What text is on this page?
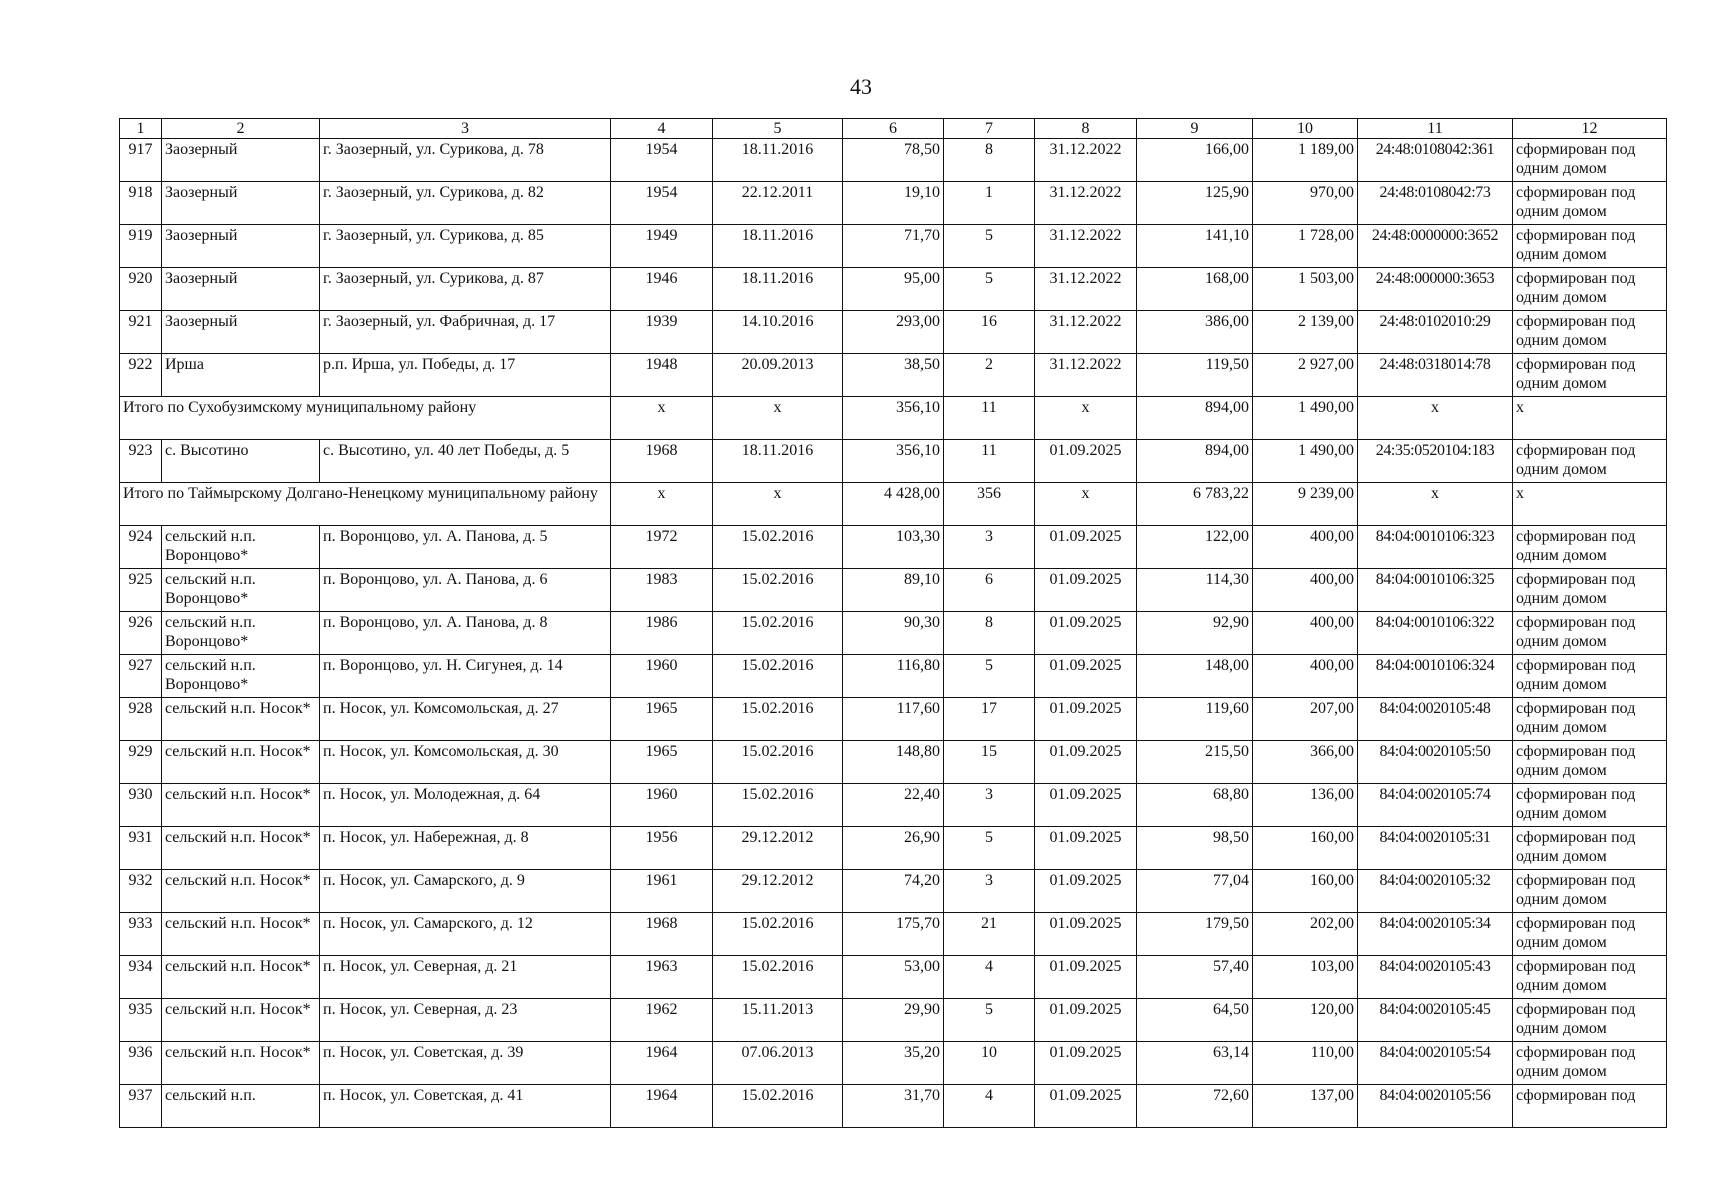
43
1	2	3	4	5	6	7	8	9	10	11	12
917	Заозерный	г. Заозерный, ул. Сурикова, д. 78	1954	18.11.2016	78,50	8	31.12.2022	166,00	1 189,00	24:48:0108042:361	сформирован под одним домом
918	Заозерный	г. Заозерный, ул. Сурикова, д. 82	1954	22.12.2011	19,10	1	31.12.2022	125,90	970,00	24:48:0108042:73	сформирован под одним домом
919	Заозерный	г. Заозерный, ул. Сурикова, д. 85	1949	18.11.2016	71,70	5	31.12.2022	141,10	1 728,00	24:48:0000000:3652	сформирован под одним домом
920	Заозерный	г. Заозерный, ул. Сурикова, д. 87	1946	18.11.2016	95,00	5	31.12.2022	168,00	1 503,00	24:48:000000:3653	сформирован под одним домом
921	Заозерный	г. Заозерный, ул. Фабричная, д. 17	1939	14.10.2016	293,00	16	31.12.2022	386,00	2 139,00	24:48:0102010:29	сформирован под одним домом
922	Ирша	р.п. Ирша, ул. Победы, д. 17	1948	20.09.2013	38,50	2	31.12.2022	119,50	2 927,00	24:48:0318014:78	сформирован под одним домом
Итого по Сухобузимскому муниципальному району			х	х	356,10	11	х	894,00	1 490,00	х	х
923	с. Высотино	с. Высотино, ул. 40 лет Победы, д. 5	1968	18.11.2016	356,10	11	01.09.2025	894,00	1 490,00	24:35:0520104:183	сформирован под одним домом
Итого по Таймырскому Долгано-Ненецкому муниципальному району			х	х	4 428,00	356	х	6 783,22	9 239,00	х	х
924	сельский н.п. Воронцово*	п. Воронцово, ул. А. Панова, д. 5	1972	15.02.2016	103,30	3	01.09.2025	122,00	400,00	84:04:0010106:323	сформирован под одним домом
925	сельский н.п. Воронцово*	п. Воронцово, ул. А. Панова, д. 6	1983	15.02.2016	89,10	6	01.09.2025	114,30	400,00	84:04:0010106:325	сформирован под одним домом
926	сельский н.п. Воронцово*	п. Воронцово, ул. А. Панова, д. 8	1986	15.02.2016	90,30	8	01.09.2025	92,90	400,00	84:04:0010106:322	сформирован под одним домом
927	сельский н.п. Воронцово*	п. Воронцово, ул. Н. Сигунея, д. 14	1960	15.02.2016	116,80	5	01.09.2025	148,00	400,00	84:04:0010106:324	сформирован под одним домом
928	сельский н.п. Носок*	п. Носок, ул. Комсомольская, д. 27	1965	15.02.2016	117,60	17	01.09.2025	119,60	207,00	84:04:0020105:48	сформирован под одним домом
929	сельский н.п. Носок*	п. Носок, ул. Комсомольская, д. 30	1965	15.02.2016	148,80	15	01.09.2025	215,50	366,00	84:04:0020105:50	сформирован под одним домом
930	сельский н.п. Носок*	п. Носок, ул. Молодежная, д. 64	1960	15.02.2016	22,40	3	01.09.2025	68,80	136,00	84:04:0020105:74	сформирован под одним домом
931	сельский н.п. Носок*	п. Носок, ул. Набережная, д. 8	1956	29.12.2012	26,90	5	01.09.2025	98,50	160,00	84:04:0020105:31	сформирован под одним домом
932	сельский н.п. Носок*	п. Носок, ул. Самарского, д. 9	1961	29.12.2012	74,20	3	01.09.2025	77,04	160,00	84:04:0020105:32	сформирован под одним домом
933	сельский н.п. Носок*	п. Носок, ул. Самарского, д. 12	1968	15.02.2016	175,70	21	01.09.2025	179,50	202,00	84:04:0020105:34	сформирован под одним домом
934	сельский н.п. Носок*	п. Носок, ул. Северная, д. 21	1963	15.02.2016	53,00	4	01.09.2025	57,40	103,00	84:04:0020105:43	сформирован под одним домом
935	сельский н.п. Носок*	п. Носок, ул. Северная, д. 23	1962	15.11.2013	29,90	5	01.09.2025	64,50	120,00	84:04:0020105:45	сформирован под одним домом
936	сельский н.п. Носок*	п. Носок, ул. Советская, д. 39	1964	07.06.2013	35,20	10	01.09.2025	63,14	110,00	84:04:0020105:54	сформирован под одним домом
937	сельский н.п.	п. Носок, ул. Советская, д. 41	1964	15.02.2016	31,70	4	01.09.2025	72,60	137,00	84:04:0020105:56	сформирован под
